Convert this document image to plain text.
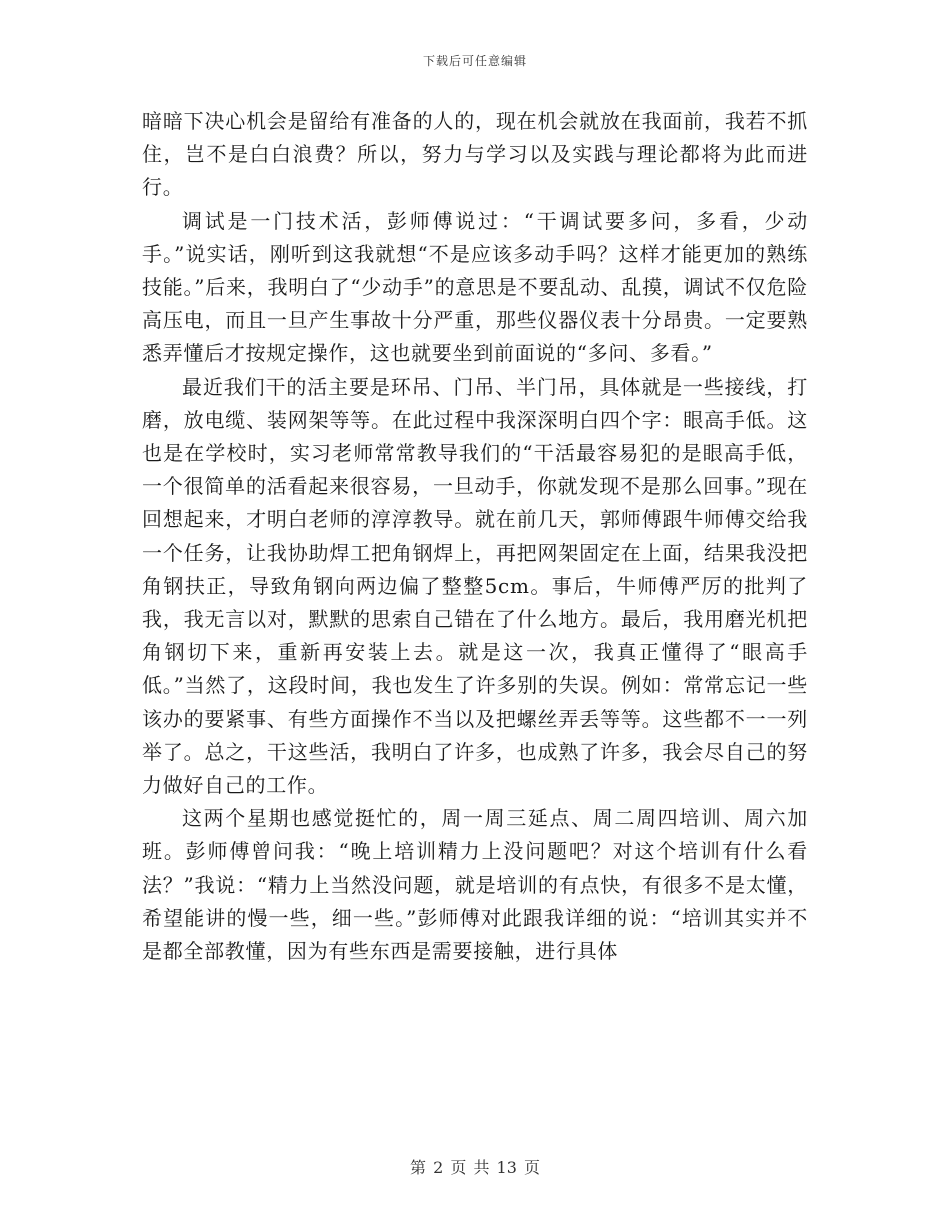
下载后可任意编辑

暗暗下决心机会是留给有准备的人的，现在机会就放在我面前，我若不抓住，岂不是白白浪费？所以，努力与学习以及实践与理论都将为此而进行。

调试是一门技术活，彭师傅说过：“干调试要多问，多看，少动手。”说实话，刚听到这我就想“不是应该多动手吗？这样才能更加的熟练技能。”后来，我明白了“少动手”的意思是不要乱动、乱摸，调试不仅危险高压电，而且一旦产生事故十分严重，那些仪器仪表十分昂贵。一定要熟悉弄懂后才按规定操作，这也就要坐到前面说的“多问、多看。”

最近我们干的活主要是环吊、门吊、半门吊，具体就是一些接线，打磨，放电缆、装网架等等。在此过程中我深深明白四个字：眼高手低。这也是在学校时，实习老师常常教导我们的“干活最容易犯的是眼高手低，一个很简单的活看起来很容易，一旦动手，你就发现不是那么回事。”现在回想起来，才明白老师的淳淳教导。就在前几天，郭师傅跟牛师傅交给我一个任务，让我协助焊工把角钢焊上，再把网架固定在上面，结果我没把角钢扶正，导致角钢向两边偏了整整5cm。事后，牛师傅严厉的批判了我，我无言以对，默默的思索自己错在了什么地方。最后，我用磨光机把角钢切下来，重新再安装上去。就是这一次，我真正懂得了“眼高手低。”当然了，这段时间，我也发生了许多别的失误。例如：常常忘记一些该办的要紧事、有些方面操作不当以及把螺丝弄丢等等。这些都不一一列举了。总之，干这些活，我明白了许多，也成熟了许多，我会尽自己的努力做好自己的工作。

这两个星期也感觉挺忙的，周一周三延点、周二周四培训、周六加班。彭师傅曾问我：“晚上培训精力上没问题吧？对这个培训有什么看法？”我说：“精力上当然没问题，就是培训的有点快，有很多不是太懂，希望能讲的慢一些，细一些。”彭师傅对此跟我详细的说：“培训其实并不是都全部教懂，因为有些东西是需要接触，进行具体

第 2 页 共 13 页
